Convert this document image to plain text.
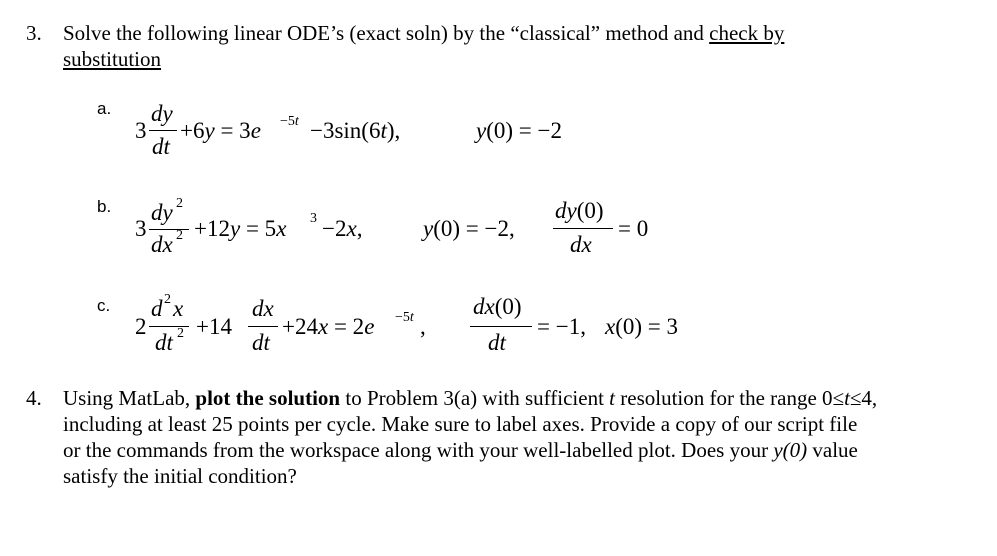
3. Solve the following linear ODE’s (exact soln) by the “classical” method and check by
substitution
a.
3
dy
dt
+6y = 3e −5t −3sin(6t),	y(0) = −2
b.
3
dy 2
dx 2 +12y = 5x 3 −2x,	y(0) = −2,
dy(0)
dx
= 0
c.
2
d 2 x
dt 2 +14
dx
dt
+24x = 2e −5t ,
dx(0)
dt
= −1, x(0) = 3
4. Using MatLab, plot the solution to Problem 3(a) with sufficient t resolution for the range 0≤t≤4,
including at least 25 points per cycle. Make sure to label axes. Provide a copy of our script file
or the commands from the workspace along with your well-labelled plot. Does your y(0) value
satisfy the initial condition?
